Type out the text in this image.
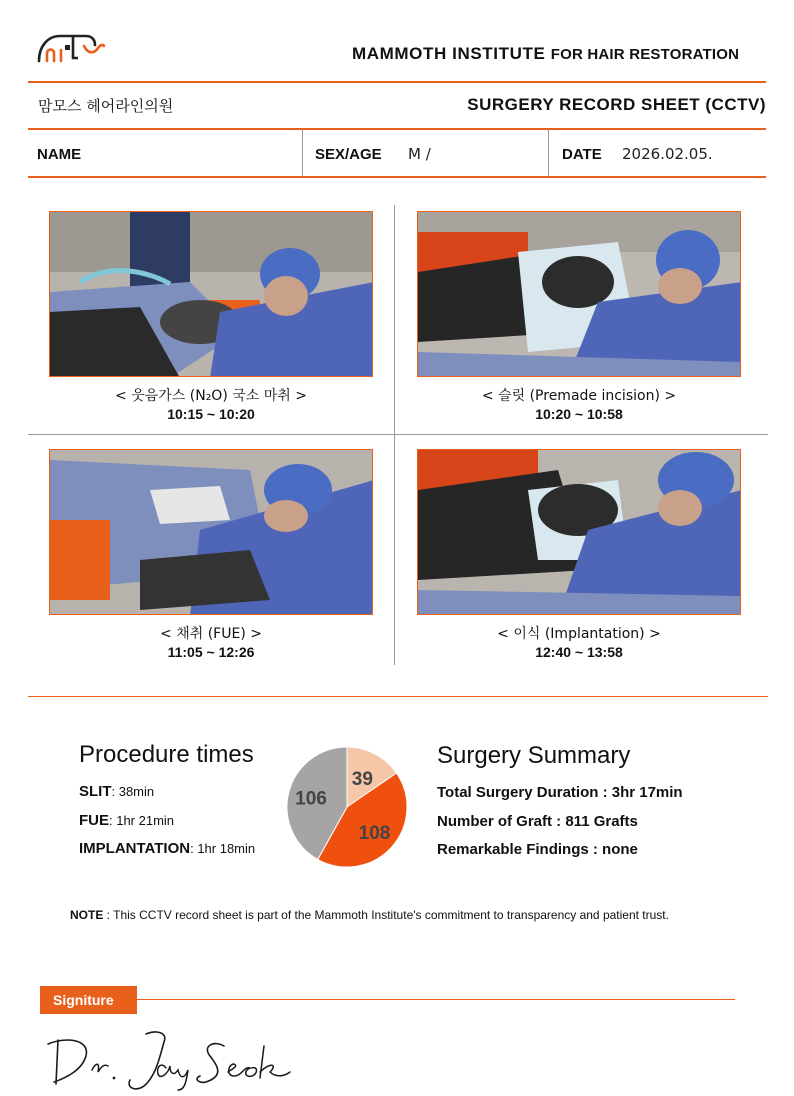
MAMMOTH INSTITUTE FOR HAIR RESTORATION
맘모스 헤어라인의원	SURGERY RECORD SHEET (CCTV)
NAME	SEX/AGE M /	DATE 2026.02.05.
< 웃음가스 (N₂O) 국소 마취 >
10:15 ~ 10:20
< 슬릿 (Premade incision) >
10:20 ~ 10:58
< 채취 (FUE) >
11:05 ~ 12:26
< 이식 (Implantation) >
12:40 ~ 13:58
Procedure times
SLIT: 38min
FUE: 1hr 21min
IMPLANTATION: 1hr 18min
39
108
106
Surgery Summary
Total Surgery Duration : 3hr 17min
Number of Graft : 811 Grafts
Remarkable Findings : none
NOTE : This CCTV record sheet is part of the Mammoth Institute's commitment to transparency and patient trust.
Signiture
